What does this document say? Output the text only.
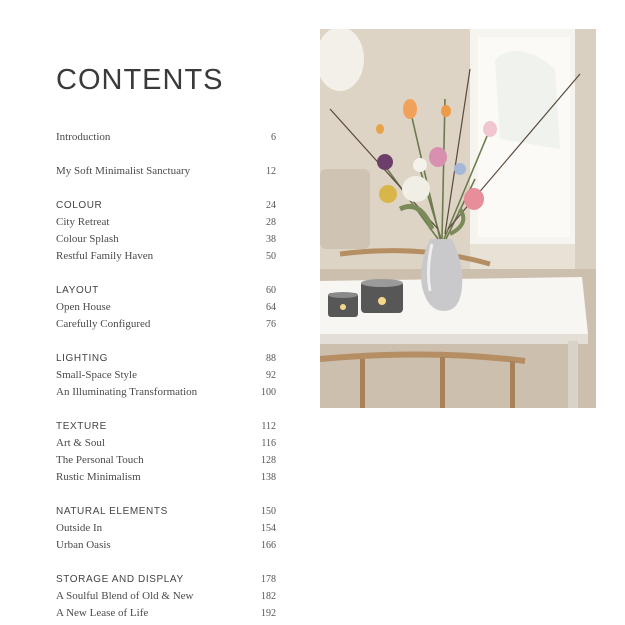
CONTENTS
Introduction	6
My Soft Minimalist Sanctuary	12
COLOUR	24
City Retreat	28
Colour Splash	38
Restful Family Haven	50
LAYOUT	60
Open House	64
Carefully Configured	76
LIGHTING	88
Small-Space Style	92
An Illuminating Transformation	100
TEXTURE	112
Art & Soul	116
The Personal Touch	128
Rustic Minimalism	138
NATURAL ELEMENTS	150
Outside In	154
Urban Oasis	166
STORAGE AND DISPLAY	178
A Soulful Blend of Old & New	182
A New Lease of Life	192
